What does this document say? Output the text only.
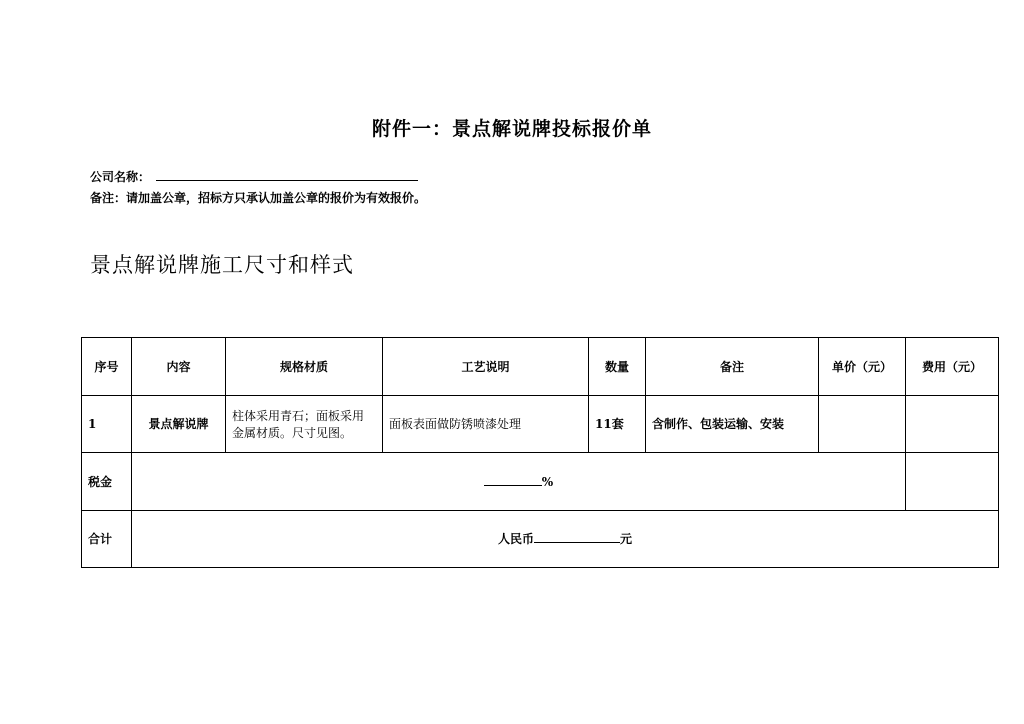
附件一：景点解说牌投标报价单
公司名称：
备注：请加盖公章，招标方只承认加盖公章的报价为有效报价。
景点解说牌施工尺寸和样式
序号	内容	规格材质	工艺说明	数量	备注	单价（元）	费用（元）
1	景点解说牌	柱体采用青石；面板采用
金属材质。尺寸见图。	面板表面做防锈喷漆处理	11套	含制作、包装运输、安装		
税金	%						
合计	人民币 元						
